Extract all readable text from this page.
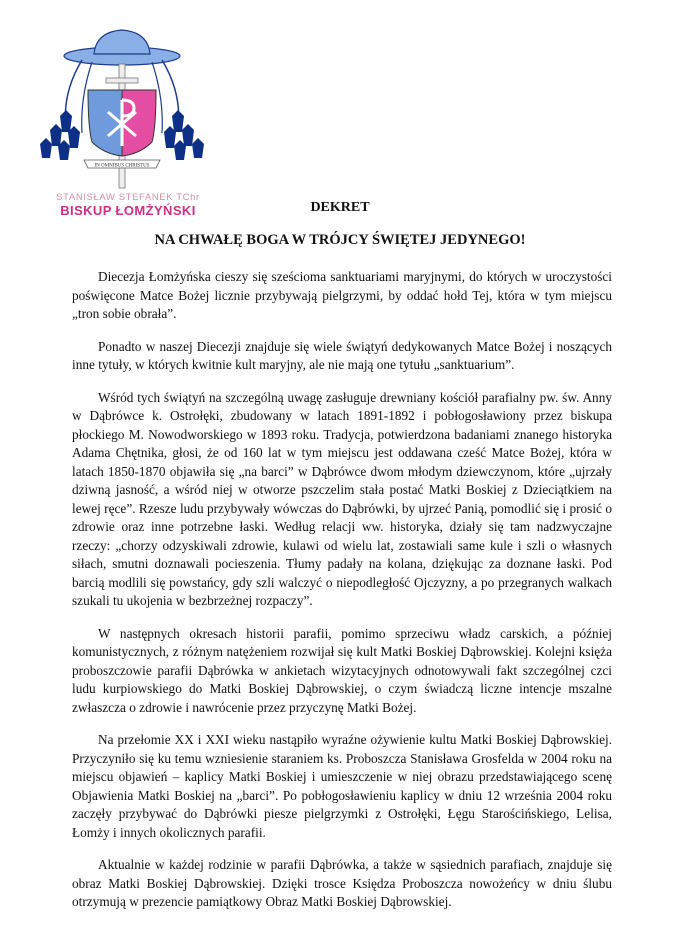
IN OMNIBUS CHRISTUS
STANISŁAW STEFANEK TChr
BISKUP ŁOMŻYŃSKI	DEKRET
NA CHWAŁĘ BOGA W TRÓJCY ŚWIĘTEJ JEDYNEGO!

Diecezja Łomżyńska cieszy się sześcioma sanktuariami maryjnymi, do których w uroczystości poświęcone Matce Bożej licznie przybywają pielgrzymi, by oddać hołd Tej, która w tym miejscu „tron sobie obrała”.

Ponadto w naszej Diecezji znajduje się wiele świątyń dedykowanych Matce Bożej i noszących inne tytuły, w których kwitnie kult maryjny, ale nie mają one tytułu „sanktuarium”.

Wśród tych świątyń na szczególną uwagę zasługuje drewniany kościół parafialny pw. św. Anny w Dąbrówce k. Ostrołęki, zbudowany w latach 1891-1892 i pobłogosławiony przez biskupa płockiego M. Nowodworskiego w 1893 roku. Tradycja, potwierdzona badaniami znanego historyka Adama Chętnika, głosi, że od 160 lat w tym miejscu jest oddawana cześć Matce Bożej, która w latach 1850-1870 objawiła się „na barci” w Dąbrówce dwom młodym dziewczynom, które „ujrzały dziwną jasność, a wśród niej w otworze pszczelim stała postać Matki Boskiej z Dzieciątkiem na lewej ręce”. Rzesze ludu przybywały wówczas do Dąbrówki, by ujrzeć Panią, pomodlić się i prosić o zdrowie oraz inne potrzebne łaski. Według relacji ww. historyka, działy się tam nadzwyczajne rzeczy: „chorzy odzyskiwali zdrowie, kulawi od wielu lat, zostawiali same kule i szli o własnych siłach, smutni doznawali pocieszenia. Tłumy padały na kolana, dziękując za doznane łaski. Pod barcią modlili się powstańcy, gdy szli walczyć o niepodległość Ojczyzny, a po przegranych walkach szukali tu ukojenia w bezbrzeżnej rozpaczy”.

W następnych okresach historii parafii, pomimo sprzeciwu władz carskich, a później komunistycznych, z różnym natężeniem rozwijał się kult Matki Boskiej Dąbrowskiej. Kolejni księża proboszczowie parafii Dąbrówka w ankietach wizytacyjnych odnotowywali fakt szczególnej czci ludu kurpiowskiego do Matki Boskiej Dąbrowskiej, o czym świadczą liczne intencje mszalne zwłaszcza o zdrowie i nawrócenie przez przyczynę Matki Bożej.

Na przełomie XX i XXI wieku nastąpiło wyraźne ożywienie kultu Matki Boskiej Dąbrowskiej. Przyczyniło się ku temu wzniesienie staraniem ks. Proboszcza Stanisława Grosfelda w 2004 roku na miejscu objawień – kaplicy Matki Boskiej i umieszczenie w niej obrazu przedstawiającego scenę Objawienia Matki Boskiej na „barci”. Po pobłogosławieniu kaplicy w dniu 12 września 2004 roku zaczęły przybywać do Dąbrówki piesze pielgrzymki z Ostrołęki, Łęgu Starościńskiego, Lelisa, Łomży i innych okolicznych parafii.

Aktualnie w każdej rodzinie w parafii Dąbrówka, a także w sąsiednich parafiach, znajduje się obraz Matki Boskiej Dąbrowskiej. Dzięki trosce Księdza Proboszcza nowożeńcy w dniu ślubu otrzymują w prezencie pamiątkowy Obraz Matki Boskiej Dąbrowskiej.
